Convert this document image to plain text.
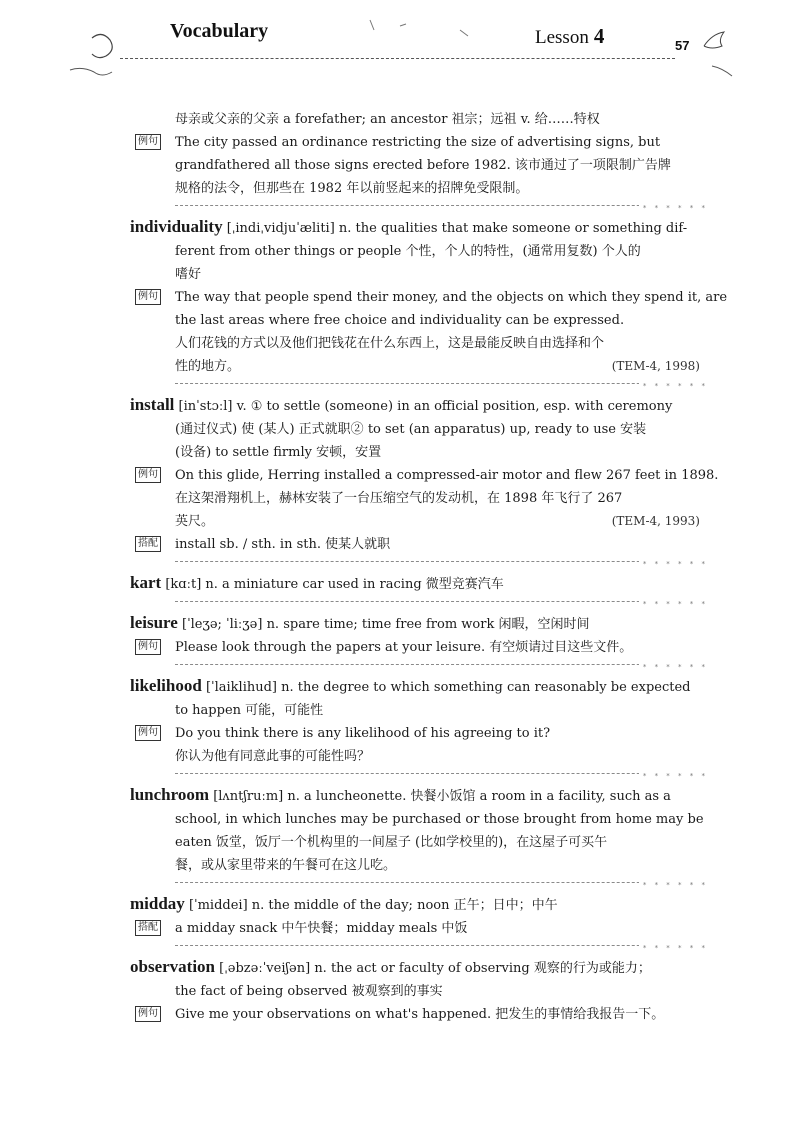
Vocabulary	Lesson 4	57
母亲或父亲的父亲 a forefather; an ancestor 祖宗；远祖 v. 给……特权
例句 The city passed an ordinance restricting the size of advertising signs, but
grandfathered all those signs erected before 1982. 该市通过了一项限制广告牌
规格的法令，但那些在 1982 年以前竖起来的招牌免受限制。
* * * * * *
individuality [ˌindiˌvidjuˈæliti] n. the qualities that make someone or something dif-
ferent from other things or people 个性，个人的特性，(通常用复数) 个人的
嗜好
例句 The way that people spend their money, and the objects on which they spend it, are
the last areas where free choice and individuality can be expressed.
人们花钱的方式以及他们把钱花在什么东西上，这是最能反映自由选择和个
性的地方。	(TEM-4, 1998)
* * * * * *
install [inˈstɔːl] v. ① to settle (someone) in an official position, esp. with ceremony
(通过仪式) 使 (某人) 正式就职② to set (an apparatus) up, ready to use 安装
(设备) to settle firmly 安顿，安置
例句 On this glide, Herring installed a compressed-air motor and flew 267 feet in 1898.
在这架滑翔机上，赫林安装了一台压缩空气的发动机，在 1898 年飞行了 267
英尺。	(TEM-4, 1993)
搭配 install sb. / sth. in sth. 使某人就职
* * * * * *
kart [kɑːt] n. a miniature car used in racing 微型竞赛汽车
* * * * * *
leisure [ˈleʒə; ˈliːʒə] n. spare time; time free from work 闲暇，空闲时间
例句 Please look through the papers at your leisure. 有空烦请过目这些文件。
* * * * * *
likelihood [ˈlaiklihud] n. the degree to which something can reasonably be expected
to happen 可能，可能性
例句 Do you think there is any likelihood of his agreeing to it?
你认为他有同意此事的可能性吗？
* * * * * *
lunchroom [lʌntʃruːm] n. a luncheonette. 快餐小饭馆 a room in a facility, such as a
school, in which lunches may be purchased or those brought from home may be
eaten 饭堂，饭厅一个机构里的一间屋子 (比如学校里的)，在这屋子可买午
餐，或从家里带来的午餐可在这儿吃。
* * * * * *
midday [ˈmiddei] n. the middle of the day; noon 正午；日中；中午
搭配 a midday snack 中午快餐；midday meals 中饭
* * * * * *
observation [ˌəbzəːˈveiʃən] n. the act or faculty of observing 观察的行为或能力；
the fact of being observed 被观察到的事实
例句 Give me your observations on what's happened. 把发生的事情给我报告一下。
